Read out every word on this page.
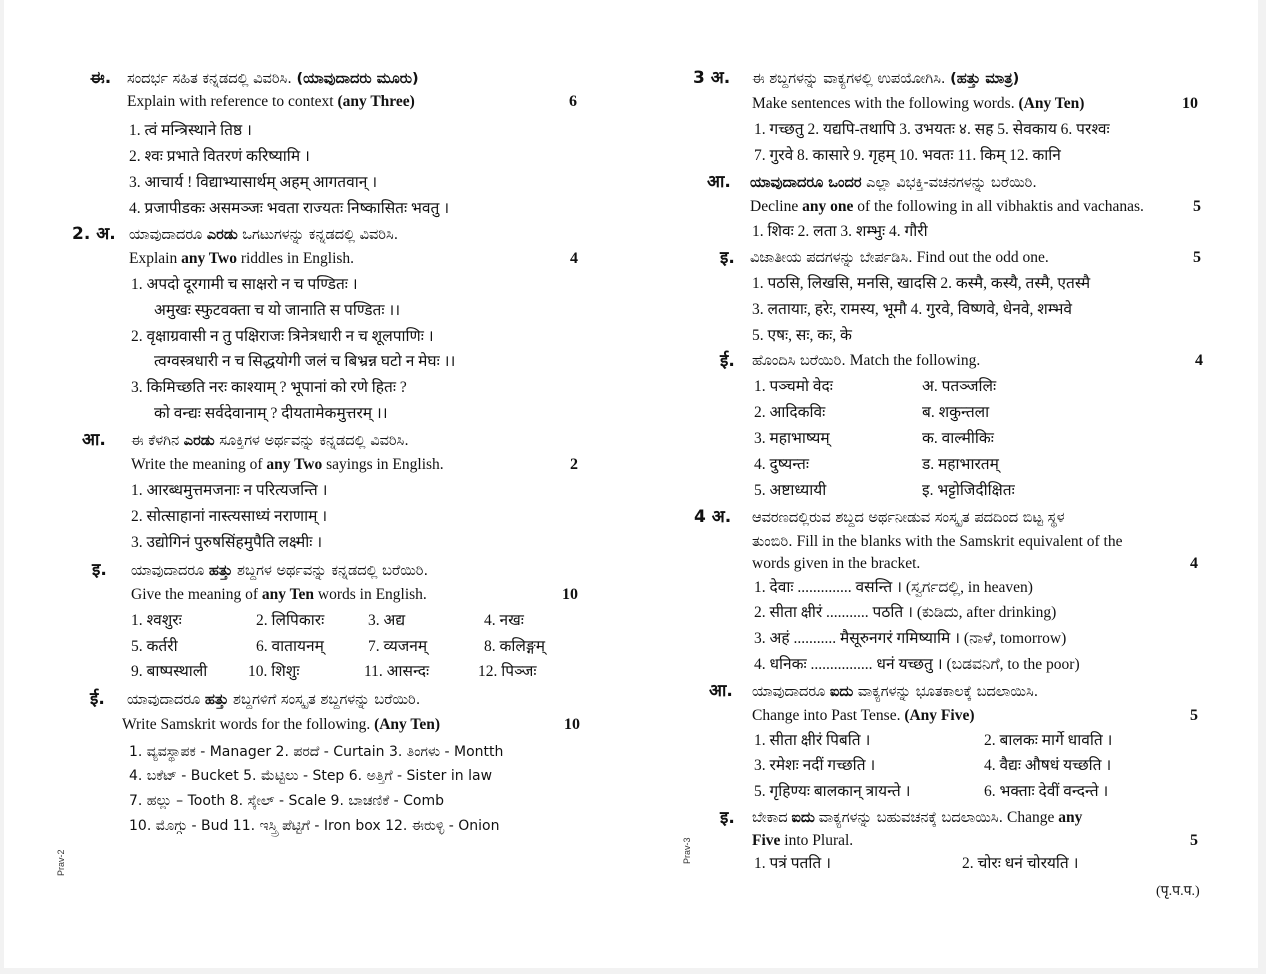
ಈ. ಸಂದರ್ಭ ಸಹಿತ ಕನ್ನಡದಲ್ಲಿ ವಿವರಿಸಿ. (ಯಾವುದಾದರು ಮೂರು)
Explain with reference to context (any Three)	6
1. त्वं मन्त्रिस्थाने तिष्ठ ।
2. श्वः प्रभाते वितरणं करिष्यामि ।
3. आचार्य ! विद्याभ्यासार्थम् अहम् आगतवान् ।
4. प्रजापीडकः असमञ्जः भवता राज्यतः निष्कासितः भवतु ।
2. अ. ಯಾವುದಾದರೂ ಎರಡು ಒಗಟುಗಳನ್ನು ಕನ್ನಡದಲ್ಲಿ ವಿವರಿಸಿ.
Explain any Two riddles in English.	4
1. अपदो दूरगामी च साक्षरो न च पण्डितः ।
अमुखः स्फुटवक्ता च यो जानाति स पण्डितः ।।
2. वृक्षाग्रवासी न तु पक्षिराजः त्रिनेत्रधारी न च शूलपाणिः ।
त्वग्वस्त्रधारी न च सिद्धयोगी जलं च बिभ्रन्न घटो न मेघः ।।
3. किमिच्छति नरः काश्याम् ? भूपानां को रणे हितः ?
को वन्द्यः सर्वदेवानाम् ? दीयतामेकमुत्तरम् ।।
आ. ಈ ಕೆಳಗಿನ ಎರಡು ಸೂಕ್ತಿಗಳ ಅರ್ಥವನ್ನು ಕನ್ನಡದಲ್ಲಿ ವಿವರಿಸಿ.
Write the meaning of any Two sayings in English.	2
1. आरब्धमुत्तमजनाः न परित्यजन्ति ।
2. सोत्साहानां नास्त्यसाध्यं नराणाम् ।
3. उद्योगिनं पुरुषसिंहमुपैति लक्ष्मीः ।
इ. ಯಾವುದಾದರೂ ಹತ್ತು ಶಬ್ದಗಳ ಅರ್ಥವನ್ನು ಕನ್ನಡದಲ್ಲಿ ಬರೆಯಿರಿ.
Give the meaning of any Ten words in English.	10
1. श्वशुरः	2. लिपिकारः	3. अद्य	4. नखः
5. कर्तरी	6. वातायनम्	7. व्यजनम्	8. कलिङ्गम्
9. बाष्पस्थाली	10. शिशुः	11. आसन्दः	12. पिञ्जः
ई. ಯಾವುದಾದರೂ ಹತ್ತು ಶಬ್ದಗಳಿಗೆ ಸಂಸ್ಕೃತ ಶಬ್ದಗಳನ್ನು ಬರೆಯಿರಿ.
Write Samskrit words for the following. (Any Ten)	10
1. ವ್ಯವಸ್ಥಾಪಕ - Manager 2. ಪರದೆ - Curtain 3. ತಿಂಗಳು - Montth
4. ಬಕೆಟ್ - Bucket 5. ಮೆಟ್ಟಿಲು - Step 6. ಅತ್ತಿಗೆ - Sister in law
7. ಹಲ್ಲು – Tooth 8. ಸ್ಕೇಲ್ - Scale 9. ಬಾಚಣಿಕೆ - Comb
10. ಮೊಗ್ಗು - Bud 11. ಇಸ್ತ್ರಿ ಪೆಟ್ಟಿಗೆ - Iron box 12. ಈರುಳ್ಳಿ - Onion
Prav-2
3 अ. ಈ ಶಬ್ದಗಳನ್ನು ವಾಕ್ಯಗಳಲ್ಲಿ ಉಪಯೋಗಿಸಿ. (ಹತ್ತು ಮಾತ್ರ)
Make sentences with the following words. (Any Ten)	10
1. गच्छतु 2. यद्यपि-तथापि 3. उभयतः ४. सह 5. सेवकाय 6. परश्वः
7. गुरवे 8. कासारे 9. गृहम् 10. भवतः 11. किम् 12. कानि
आ. ಯಾವುದಾದರೂ ಒಂದರ ಎಲ್ಲಾ ವಿಭಕ್ತಿ-ವಚನಗಳನ್ನು ಬರೆಯಿರಿ.
Decline any one of the following in all vibhaktis and vachanas.	5
1. शिवः 2. लता 3. शम्भुः 4. गौरी
इ. ವಿಜಾತೀಯ ಪದಗಳನ್ನು ಬೇರ್ಪಡಿಸಿ. Find out the odd one.	5
1. पठसि, लिखसि, मनसि, खादसि 2. कस्मै, कस्यै, तस्मै, एतस्मै
3. लतायाः, हरेः, रामस्य, भूमौ 4. गुरवे, विष्णवे, धेनवे, शम्भवे
5. एषः, सः, कः, के
ई. ಹೊಂದಿಸಿ ಬರೆಯಿರಿ. Match the following.	4
1. पञ्चमो वेदः	अ. पतञ्जलिः
2. आदिकविः	ब. शकुन्तला
3. महाभाष्यम्	क. वाल्मीकिः
4. दुष्यन्तः	ड. महाभारतम्
5. अष्टाध्यायी	इ. भट्टोजिदीक्षितः
4 अ. ಆವರಣದಲ್ಲಿರುವ ಶಬ್ದದ ಅರ್ಥನೀಡುವ ಸಂಸ್ಕೃತ ಪದದಿಂದ ಬಿಟ್ಟ ಸ್ಥಳ
ತುಂಬಿರಿ. Fill in the blanks with the Samskrit equivalent of the
words given in the bracket.	4
1. देवाः .............. वसन्ति । (ಸ್ವರ್ಗದಲ್ಲಿ, in heaven)
2. सीता क्षीरं ........... पठति । (ಕುಡಿದು, after drinking)
3. अहं ........... मैसूरुनगरं गमिष्यामि । (ನಾಳೆ, tomorrow)
4. धनिकः ................ धनं यच्छतु । (ಬಡವನಿಗೆ, to the poor)
आ. ಯಾವುದಾದರೂ ಐದು ವಾಕ್ಯಗಳನ್ನು ಭೂತಕಾಲಕ್ಕೆ ಬದಲಾಯಿಸಿ.
Change into Past Tense. (Any Five)	5
1. सीता क्षीरं पिबति ।	2. बालकः मार्गे धावति ।
3. रमेशः नदीं गच्छति ।	4. वैद्यः औषधं यच्छति ।
5. गृहिण्यः बालकान् त्रायन्ते ।	6. भक्ताः देवीं वन्दन्ते ।
इ. ಬೇಕಾದ ಐದು ವಾಕ್ಯಗಳನ್ನು ಬಹುವಚನಕ್ಕೆ ಬದಲಾಯಿಸಿ. Change any
Five into Plural.	5
1. पत्रं पतति ।	2. चोरः धनं चोरयति ।
(पृ.प.प.)
Prav-3
